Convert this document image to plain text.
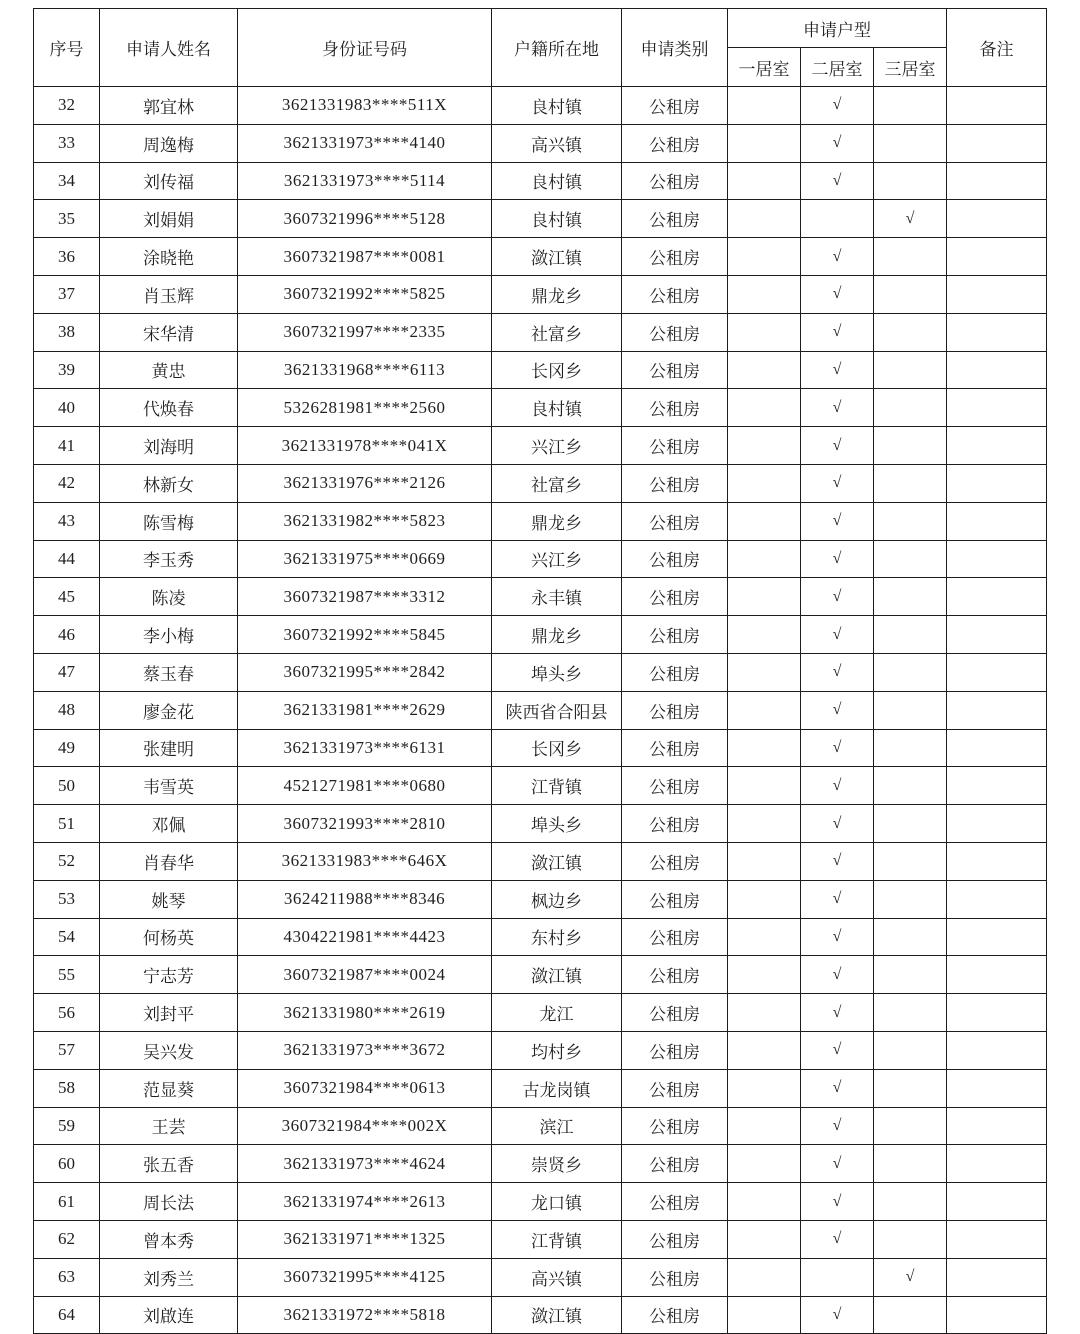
序号	申请人姓名	身份证号码	户籍所在地	申请类别	申请户型			备注
					一居室	二居室	三居室	
32	郭宜林	3621331983****511X	良村镇	公租房		√		
33	周逸梅	3621331973****4140	高兴镇	公租房		√		
34	刘传福	3621331973****5114	良村镇	公租房		√		
35	刘娟娟	3607321996****5128	良村镇	公租房			√	
36	涂晓艳	3607321987****0081	潋江镇	公租房		√		
37	肖玉辉	3607321992****5825	鼎龙乡	公租房		√		
38	宋华清	3607321997****2335	社富乡	公租房		√		
39	黄忠	3621331968****6113	长冈乡	公租房		√		
40	代焕春	5326281981****2560	良村镇	公租房		√		
41	刘海明	3621331978****041X	兴江乡	公租房		√		
42	林新女	3621331976****2126	社富乡	公租房		√		
43	陈雪梅	3621331982****5823	鼎龙乡	公租房		√		
44	李玉秀	3621331975****0669	兴江乡	公租房		√		
45	陈凌	3607321987****3312	永丰镇	公租房		√		
46	李小梅	3607321992****5845	鼎龙乡	公租房		√		
47	蔡玉春	3607321995****2842	埠头乡	公租房		√		
48	廖金花	3621331981****2629	陕西省合阳县	公租房		√		
49	张建明	3621331973****6131	长冈乡	公租房		√		
50	韦雪英	4521271981****0680	江背镇	公租房		√		
51	邓佩	3607321993****2810	埠头乡	公租房		√		
52	肖春华	3621331983****646X	潋江镇	公租房		√		
53	姚琴	3624211988****8346	枫边乡	公租房		√		
54	何杨英	4304221981****4423	东村乡	公租房		√		
55	宁志芳	3607321987****0024	潋江镇	公租房		√		
56	刘封平	3621331980****2619	龙江	公租房		√		
57	吴兴发	3621331973****3672	均村乡	公租房		√		
58	范显葵	3607321984****0613	古龙岗镇	公租房		√		
59	王芸	3607321984****002X	滨江	公租房		√		
60	张五香	3621331973****4624	崇贤乡	公租房		√		
61	周长法	3621331974****2613	龙口镇	公租房		√		
62	曾本秀	3621331971****1325	江背镇	公租房		√		
63	刘秀兰	3607321995****4125	高兴镇	公租房			√	
64	刘啟连	3621331972****5818	潋江镇	公租房		√		
